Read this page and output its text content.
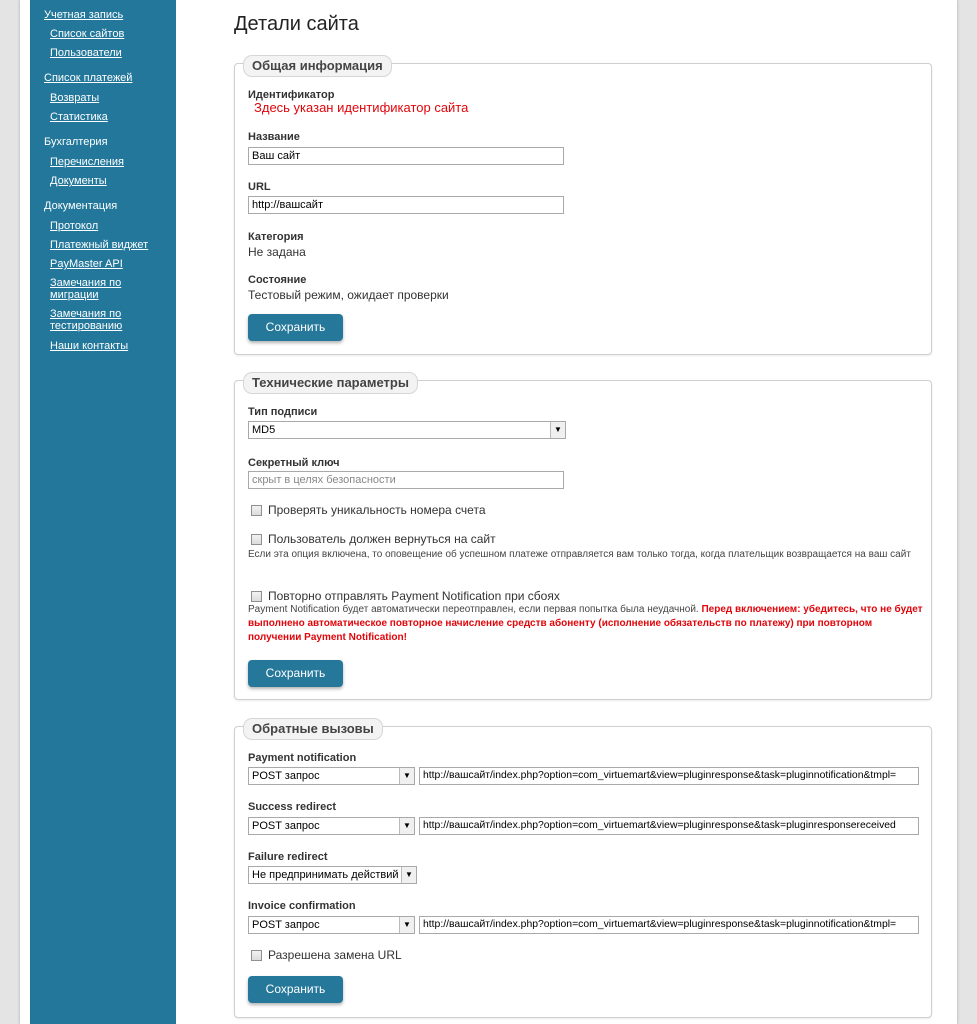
Учетная запись
Список сайтов
Пользователи
Список платежей
Возвраты
Статистика
Бухгалтерия
Перечисления
Документы
Документация
Протокол
Платежный виджет
PayMaster API
Замечания по миграции
Замечания по тестированию
Наши контакты
Детали сайта
Общая информация
Идентификатор
Здесь указан идентификатор сайта
Название
Ваш сайт
URL
http://вашсайт
Категория
Не задана
Состояние
Тестовый режим, ожидает проверки
Сохранить
Технические параметры
Тип подписи
MD5	▼
Секретный ключ
скрыт в целях безопасности
Проверять уникальность номера счета
Пользователь должен вернуться на сайт
Если эта опция включена, то оповещение об успешном платеже отправляется вам только тогда, когда плательщик возвращается на ваш сайт
Повторно отправлять Payment Notification при сбоях
Payment Notification будет автоматически переотправлен, если первая попытка была неудачной. Перед включением: убедитесь, что не будет выполнено автоматическое повторное начисление средств абоненту (исполнение обязательств по платежу) при повторном получении Payment Notification!
Сохранить
Обратные вызовы
Payment notification
POST запрос	▼	http://вашсайт/index.php?option=com_virtuemart&view=pluginresponse&task=pluginnotification&tmpl=
Success redirect
POST запрос	▼	http://вашсайт/index.php?option=com_virtuemart&view=pluginresponse&task=pluginresponsereceived
Failure redirect
Не предпринимать действий ▼
Invoice confirmation
POST запрос	▼	http://вашсайт/index.php?option=com_virtuemart&view=pluginresponse&task=pluginnotification&tmpl=
Разрешена замена URL
Сохранить
